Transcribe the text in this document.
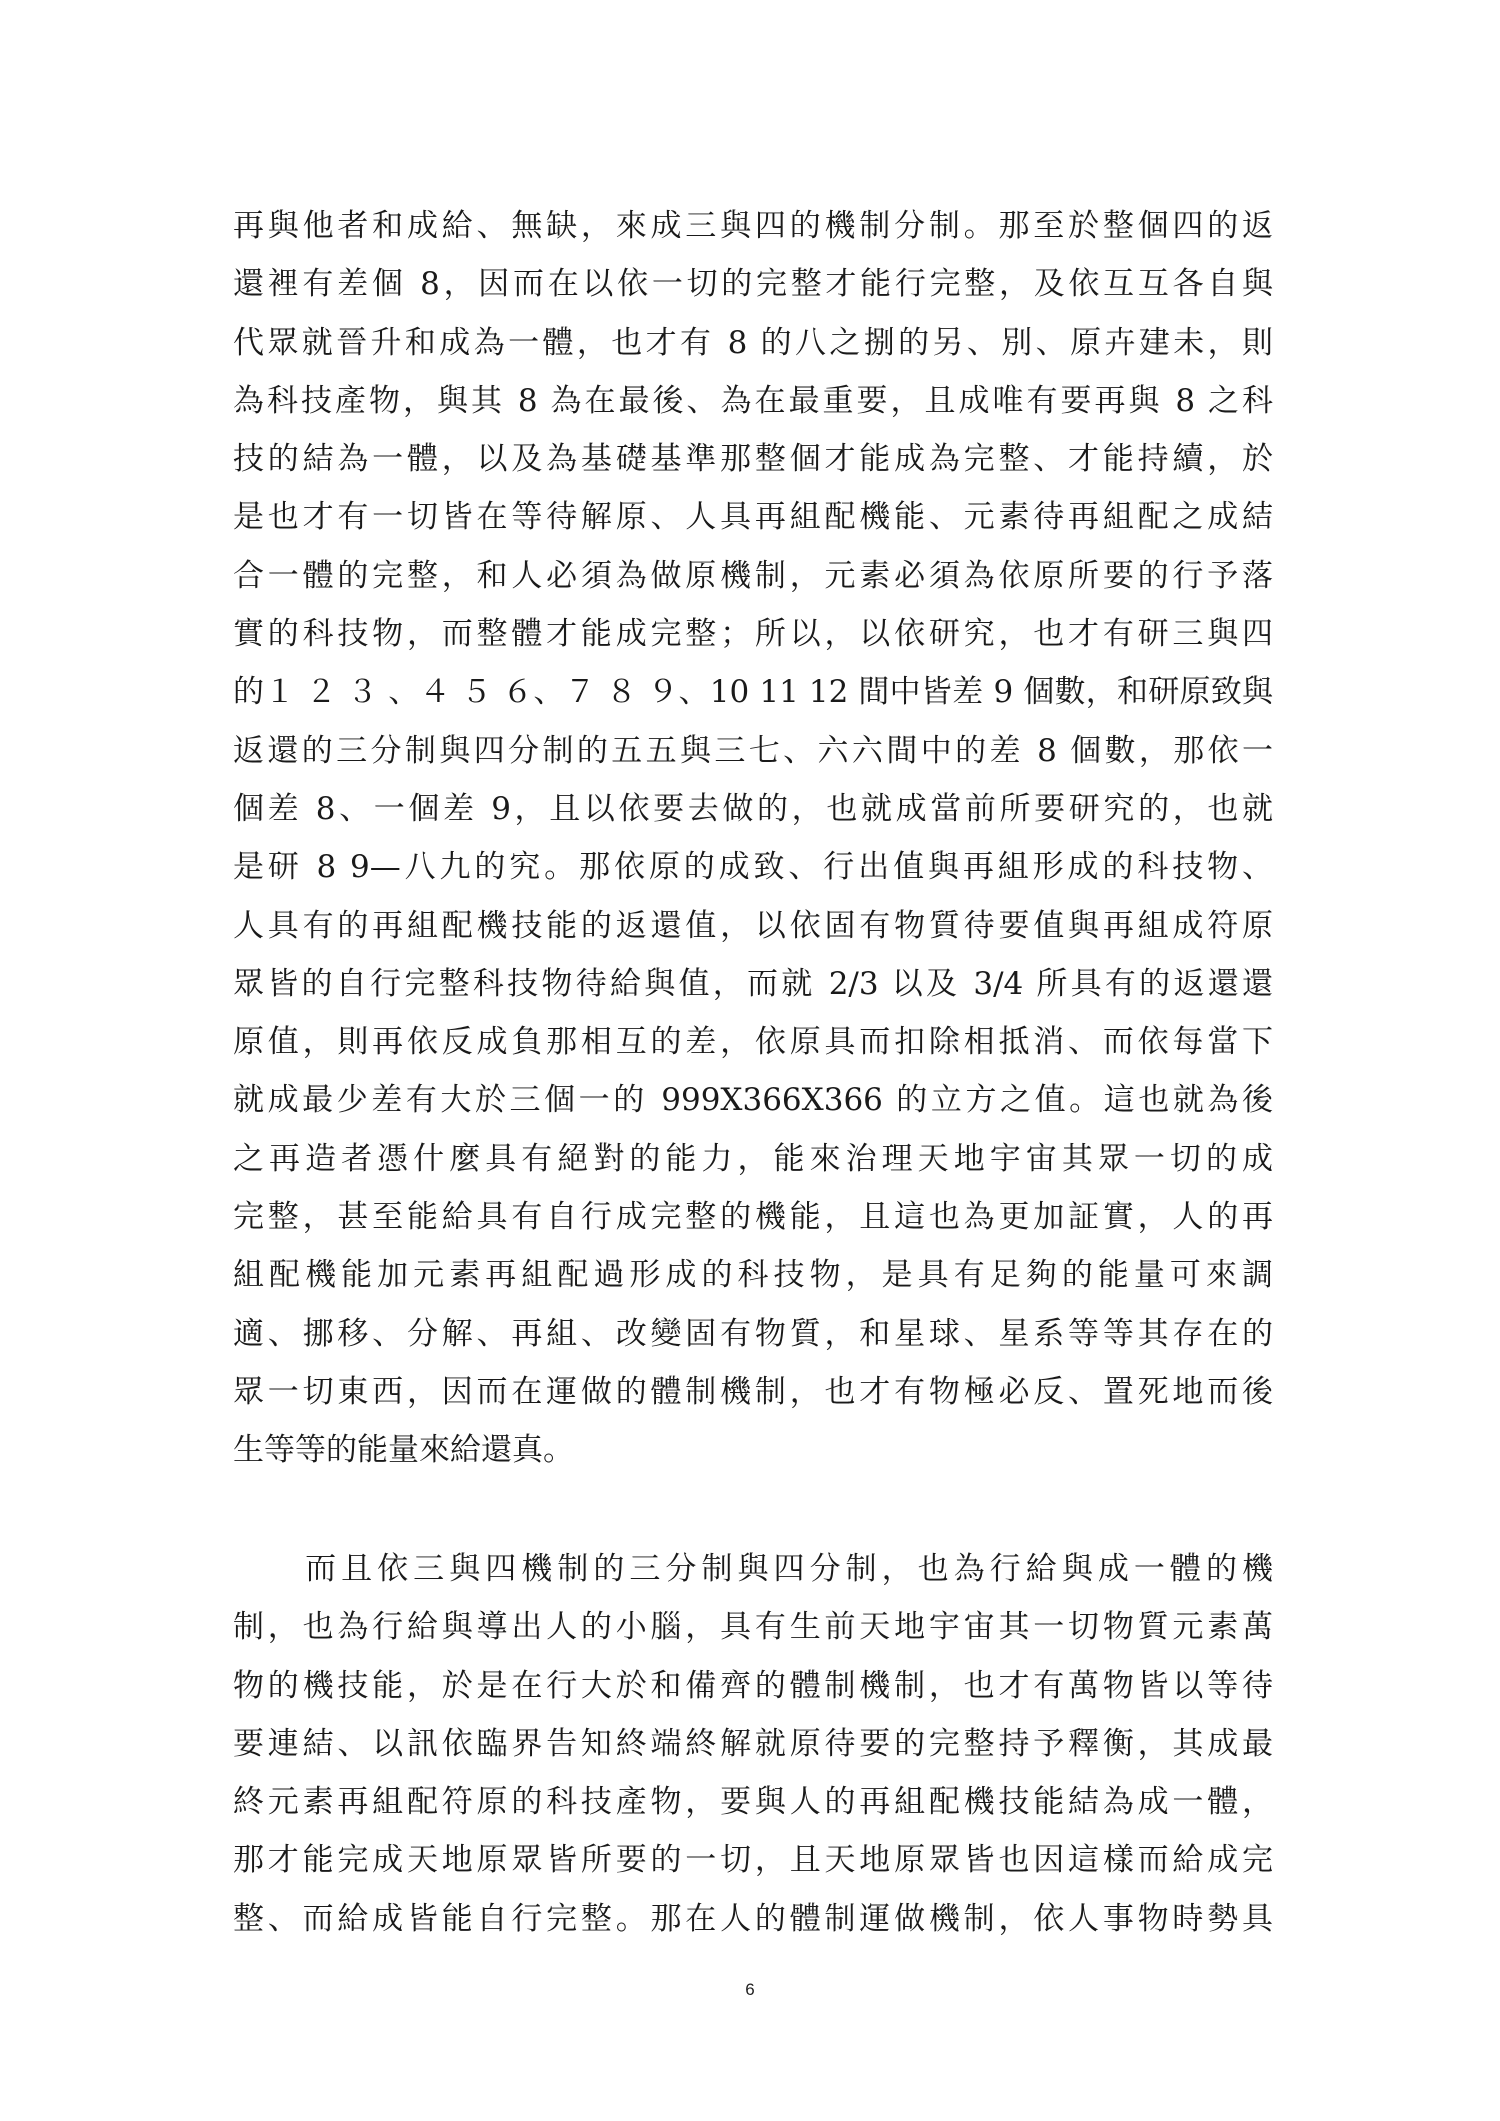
再與他者和成給、無缺，來成三與四的機制分制。那至於整個四的返
還裡有差個 8，因而在以依一切的完整才能行完整，及依互互各自與
代眾就晉升和成為一體，也才有 8 的八之捌的另、別、原卉建未，則
為科技產物，與其 8 為在最後、為在最重要，且成唯有要再與 8 之科
技的結為一體，以及為基礎基準那整個才能成為完整、才能持續，於
是也才有一切皆在等待解原、人具再組配機能、元素待再組配之成結
合一體的完整，和人必須為做原機制，元素必須為依原所要的行予落
實的科技物，而整體才能成完整；所以，以依研究，也才有研三與四
的１ ２ ３ 、４ ５ ６、７ ８ ９、10 11 12 間中皆差 9 個數，和研原致與
返還的三分制與四分制的五五與三七、六六間中的差 8 個數，那依一
個差 8、一個差 9，且以依要去做的，也就成當前所要研究的，也就
是研 8 9—八九的究。那依原的成致、行出值與再組形成的科技物、
人具有的再組配機技能的返還值，以依固有物質待要值與再組成符原
眾皆的自行完整科技物待給與值，而就 2/3 以及 3/4 所具有的返還還
原值，則再依反成負那相互的差，依原具而扣除相抵消、而依每當下
就成最少差有大於三個一的 999X366X366 的立方之值。這也就為後
之再造者憑什麼具有絕對的能力，能來治理天地宇宙其眾一切的成
完整，甚至能給具有自行成完整的機能，且這也為更加証實，人的再
組配機能加元素再組配過形成的科技物，是具有足夠的能量可來調
適、挪移、分解、再組、改變固有物質，和星球、星系等等其存在的
眾一切東西，因而在運做的體制機制，也才有物極必反、置死地而後
生等等的能量來給還真。
　　而且依三與四機制的三分制與四分制，也為行給與成一體的機
制，也為行給與導出人的小腦，具有生前天地宇宙其一切物質元素萬
物的機技能，於是在行大於和備齊的體制機制，也才有萬物皆以等待
要連結、以訊依臨界告知終端終解就原待要的完整持予釋衡，其成最
終元素再組配符原的科技產物，要與人的再組配機技能結為成一體，
那才能完成天地原眾皆所要的一切，且天地原眾皆也因這樣而給成完
整、而給成皆能自行完整。那在人的體制運做機制，依人事物時勢具
6
